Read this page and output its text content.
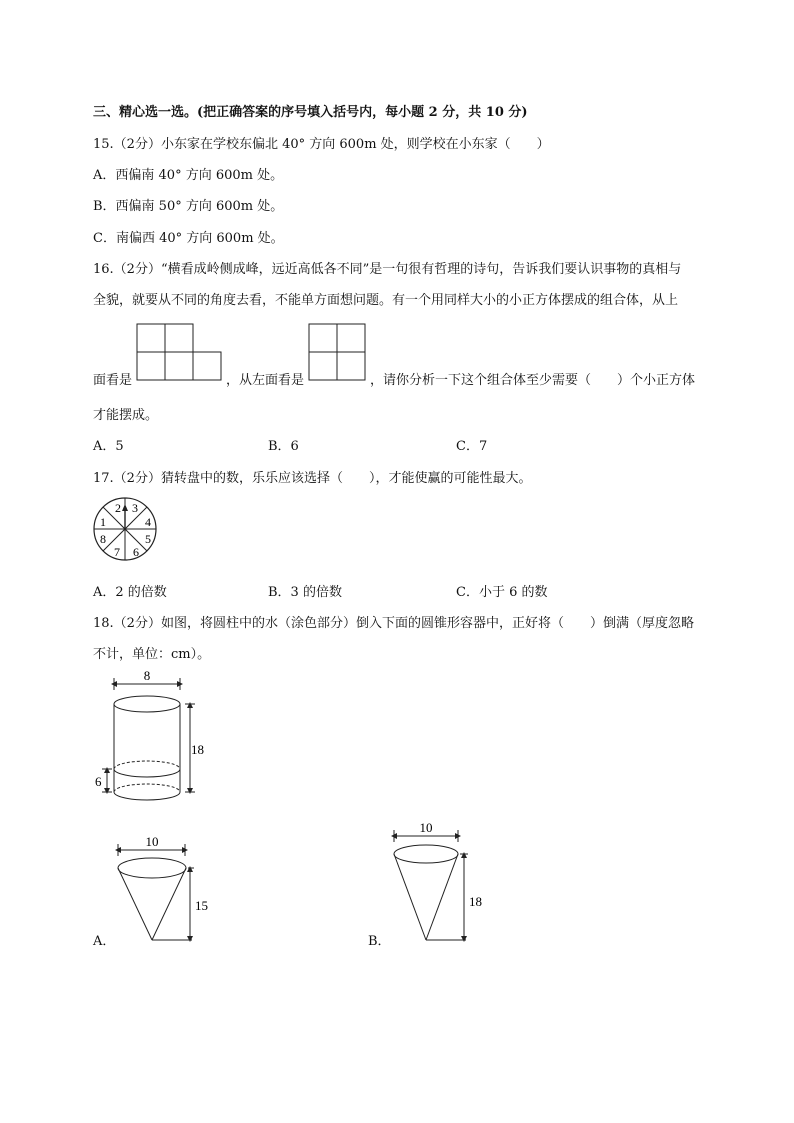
三、精心选一选。(把正确答案的序号填入括号内，每小题 2 分，共 10 分)
15.（2分）小东家在学校东偏北 40° 方向 600m 处，则学校在小东家（　　）
A．西偏南 40° 方向 600m 处。
B．西偏南 50° 方向 600m 处。
C．南偏西 40° 方向 600m 处。
16.（2分）“横看成岭侧成峰，远近高低各不同”是一句很有哲理的诗句，告诉我们要认识事物的真相与
全貌，就要从不同的角度去看，不能单方面想问题。有一个用同样大小的小正方体摆成的组合体，从上
面看是	，从左面看是	，请你分析一下这个组合体至少需要（　　）个小正方体
才能摆成。
A．5	B．6	C．7
17.（2分）猜转盘中的数，乐乐应该选择（　　），才能使赢的可能性最大。
2 3
4
5
6
7
8
1
A．2 的倍数	B．3 的倍数	C．小于 6 的数
18.（2分）如图，将圆柱中的水（涂色部分）倒入下面的圆锥形容器中，正好将（　　）倒满（厚度忽略
不计，单位：cm）。
8
18
6
A．
10
15
B．
10
18
